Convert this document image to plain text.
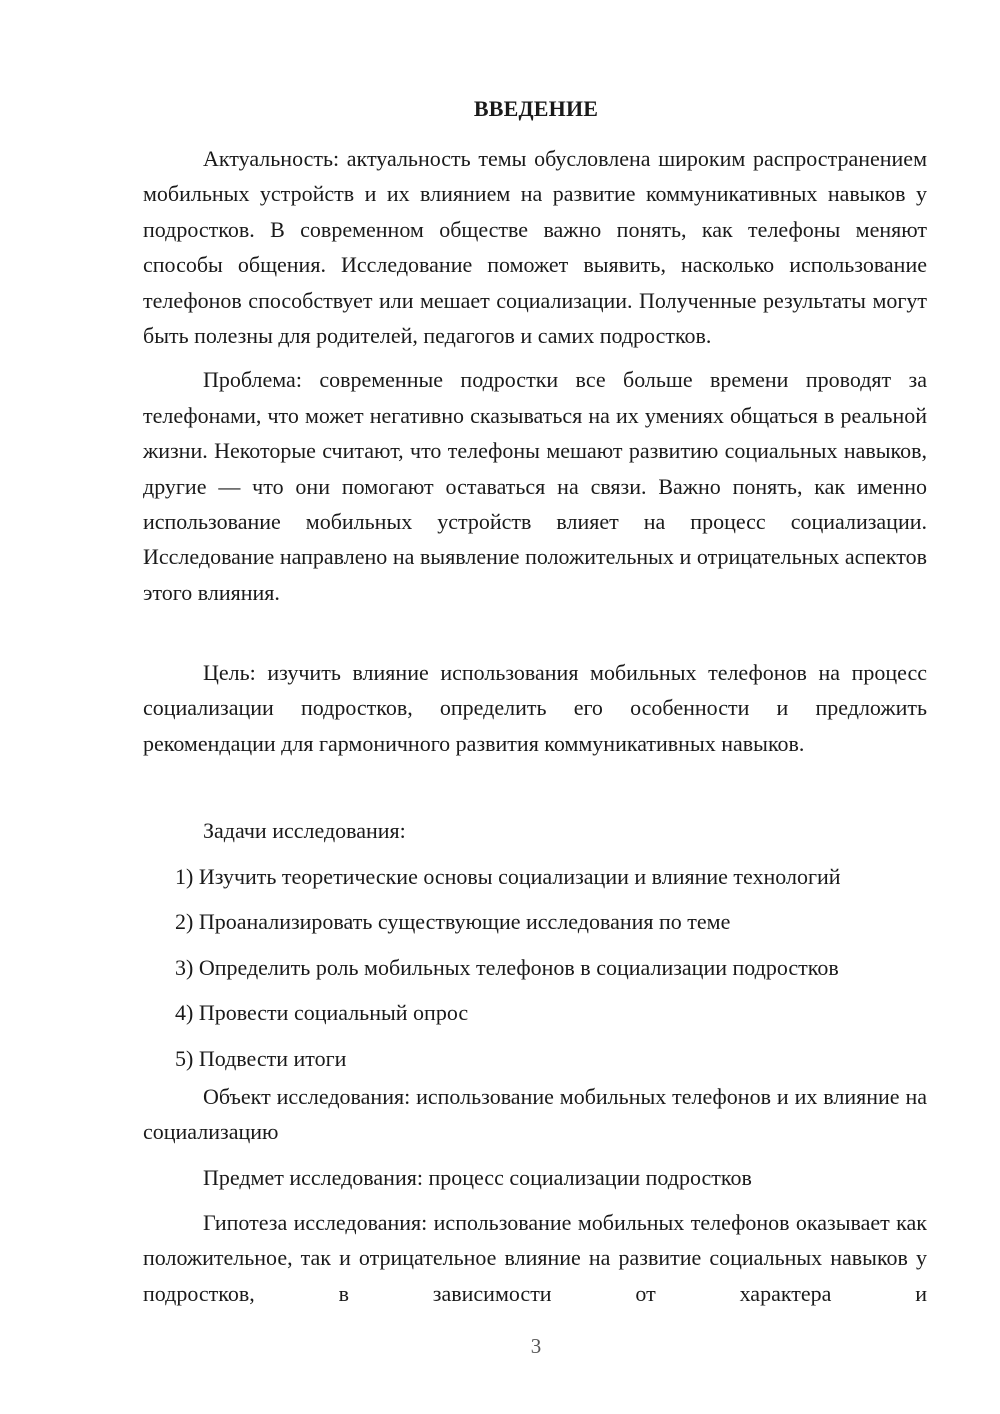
ВВЕДЕНИЕ

Актуальность: актуальность темы обусловлена широким распространением мобильных устройств и их влиянием на развитие коммуникативных навыков у подростков. В современном обществе важно понять, как телефоны меняют способы общения. Исследование поможет выявить, насколько использование телефонов способствует или мешает социализации. Полученные результаты могут быть полезны для родителей, педагогов и самих подростков.

Проблема: современные подростки все больше времени проводят за телефонами, что может негативно сказываться на их умениях общаться в реальной жизни. Некоторые считают, что телефоны мешают развитию социальных навыков, другие — что они помогают оставаться на связи. Важно понять, как именно использование мобильных устройств влияет на процесс социализации. Исследование направлено на выявление положительных и отрицательных аспектов этого влияния.

Цель: изучить влияние использования мобильных телефонов на процесс социализации подростков, определить его особенности и предложить рекомендации для гармоничного развития коммуникативных навыков.

Задачи исследования:

1) Изучить теоретические основы социализации и влияние технологий

2) Проанализировать существующие исследования по теме

3) Определить роль мобильных телефонов в социализации подростков

4) Провести социальный опрос

5) Подвести итоги

Объект исследования: использование мобильных телефонов и их влияние на социализацию

Предмет исследования: процесс социализации подростков

Гипотеза исследования: использование мобильных телефонов оказывает как положительное, так и отрицательное влияние на развитие социальных навыков у подростков, в зависимости от характера и

3
